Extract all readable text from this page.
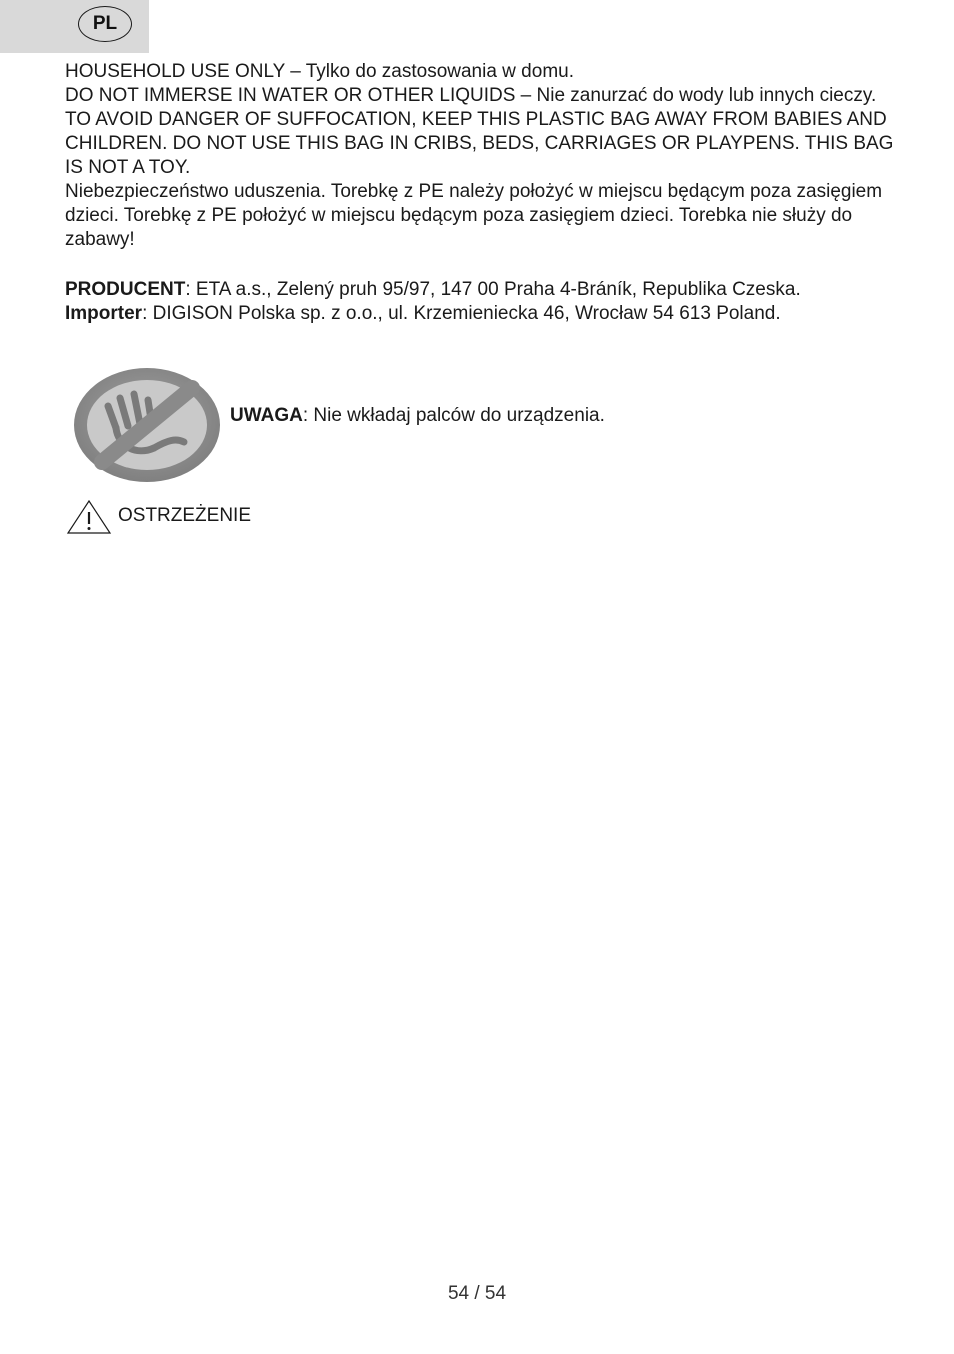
PL

HOUSEHOLD USE ONLY – Tylko do zastosowania w domu.

DO NOT IMMERSE IN WATER OR OTHER LIQUIDS – Nie zanurzać do wody lub innych cieczy. TO AVOID DANGER OF SUFFOCATION, KEEP THIS PLASTIC BAG AWAY FROM BABIES AND CHILDREN. DO NOT USE THIS BAG IN CRIBS, BEDS, CARRIAGES OR PLAYPENS. THIS BAG IS NOT A TOY.

Niebezpieczeństwo uduszenia. Torebkę z PE należy położyć w miejscu będącym poza zasięgiem dzieci. Torebkę z PE położyć w miejscu będącym poza zasięgiem dzieci. Torebka nie służy do zabawy!

PRODUCENT: ETA a.s., Zelený pruh 95/97, 147 00 Praha 4-Bráník, Republika Czeska.

Importer: DIGISON Polska sp. z o.o., ul. Krzemieniecka 46, Wrocław 54 613 Poland.

UWAGA: Nie wkładaj palców do urządzenia.
OSTRZEŻENIE
54 / 54
